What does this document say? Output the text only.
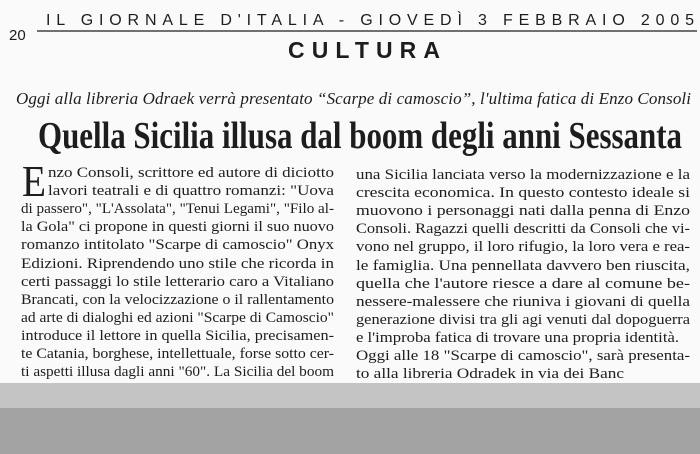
IL GIORNALE D'ITALIA - GIOVEDÌ 3 FEBBRAIO 2005
20
CULTURA
Oggi alla libreria Odraek verrà presentato “Scarpe di camoscio”, l'ultima fatica di Enzo Consoli
Quella Sicilia illusa dal boom degli anni Sessanta
E nzo Consoli, scrittore ed autore di diciotto
lavori teatrali e di quattro romanzi: "Uova
di passero", "L'Assolata", "Tenui Legami", "Filo al-
la Gola" ci propone in questi giorni il suo nuovo
romanzo intitolato "Scarpe di camoscio" Onyx
Edizioni. Riprendendo uno stile che ricorda in
certi passaggi lo stile letterario caro a Vitaliano
Brancati, con la velocizzazione o il rallentamento
ad arte di dialoghi ed azioni "Scarpe di Camoscio"
introduce il lettore in quella Sicilia, precisamen-
te Catania, borghese, intellettuale, forse sotto cer-
ti aspetti illusa dagli anni "60". La Sicilia del boom
una Sicilia lanciata verso la modernizzazione e la
crescita economica. In questo contesto ideale si
muovono i personaggi nati dalla penna di Enzo
Consoli. Ragazzi quelli descritti da Consoli che vi-
vono nel gruppo, il loro rifugio, la loro vera e rea-
le famiglia. Una pennellata davvero ben riuscita,
quella che l'autore riesce a dare al comune be-
nessere-malessere che riuniva i giovani di quella
generazione divisi tra gli agi venuti dal dopoguerra
e l'improba fatica di trovare una propria identità.
Oggi alle 18 "Scarpe di camoscio", sarà presenta-
to alla libreria Odradek in via dei Banc
